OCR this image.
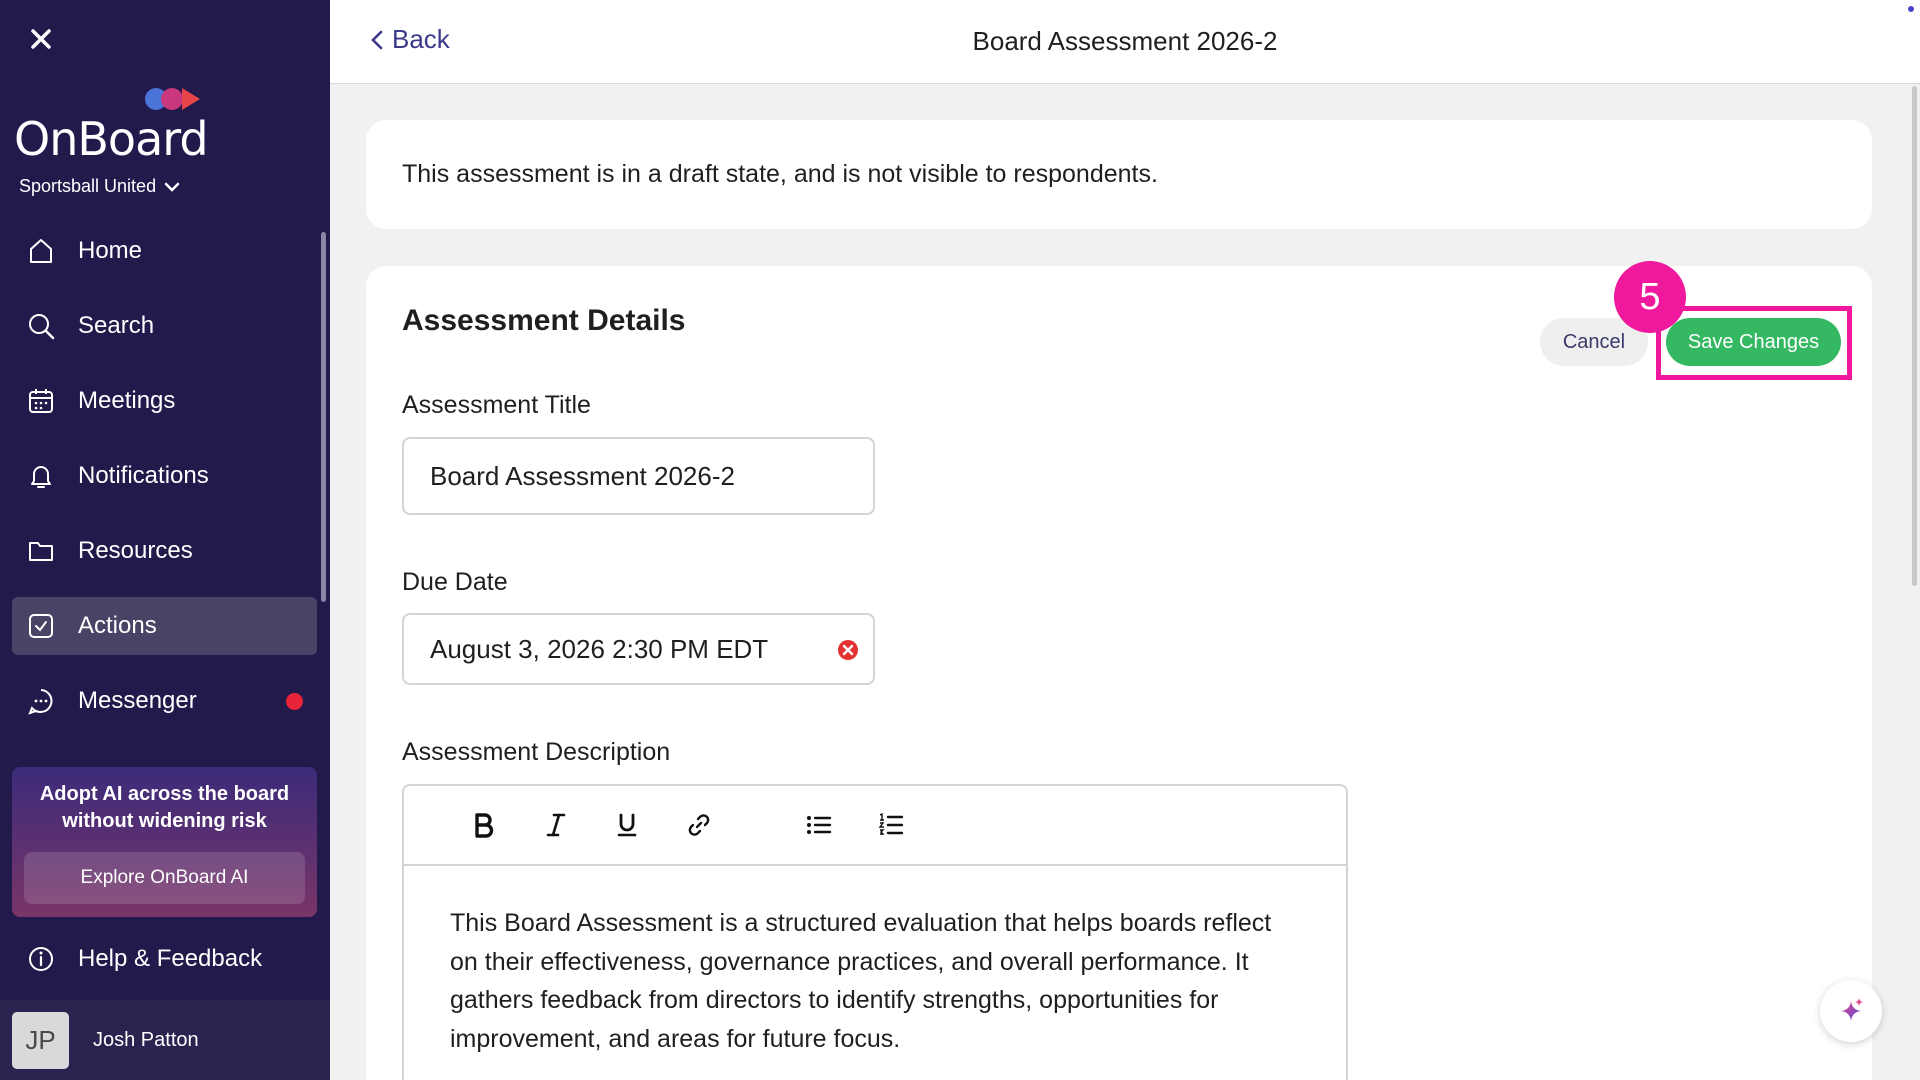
OnBoard
Sportsball United
Home
Search
Meetings
Notifications
Resources
Actions
Messenger
Adopt AI across the board without widening risk
Explore OnBoard AI
Help & Feedback
JP	Josh Patton
Board Assessment 2026-2
Back
This assessment is in a draft state, and is not visible to respondents.
Assessment Details
Cancel	Save Changes
5
Assessment Title
Board Assessment 2026-2
Due Date
August 3, 2026 2:30 PM EDT
Assessment Description
This Board Assessment is a structured evaluation that helps boards reflect
on their effectiveness, governance practices, and overall performance. It
gathers feedback from directors to identify strengths, opportunities for
improvement, and areas for future focus.
